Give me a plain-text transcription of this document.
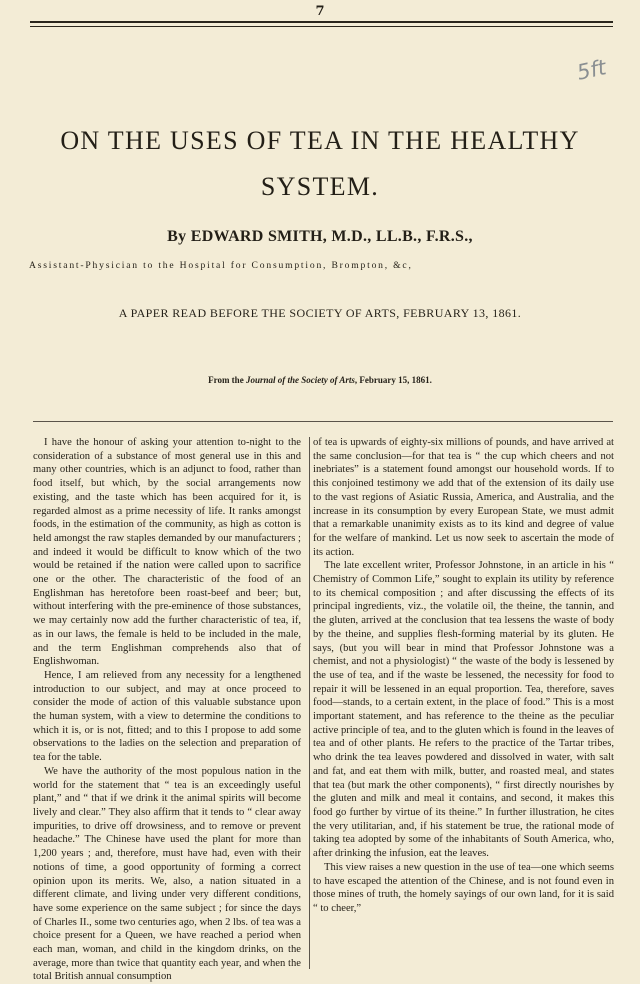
7
5ft
ON THE USES OF TEA IN THE HEALTHY SYSTEM.
By EDWARD SMITH, M.D., LL.B., F.R.S.,
Assistant-Physician to the Hospital for Consumption, Brompton, &c,
A PAPER READ BEFORE THE SOCIETY OF ARTS, FEBRUARY 13, 1861.
From the Journal of the Society of Arts, February 15, 1861.

I have the honour of asking your attention to-night to the consideration of a substance of most general use in this and many other countries, which is an adjunct to food, rather than food itself, but which, by the social arrangements now existing, and the taste which has been acquired for it, is regarded almost as a prime necessity of life. It ranks amongst foods, in the estimation of the community, as high as cotton is held amongst the raw staples demanded by our manufacturers ; and indeed it would be difficult to know which of the two would be retained if the nation were called upon to sacrifice one or the other. The characteristic of the food of an Englishman has heretofore been roast-beef and beer; but, without interfering with the pre-eminence of those substances, we may certainly now add the further characteristic of tea, if, as in our laws, the female is held to be included in the male, and the term Englishman comprehends also that of Englishwoman.

Hence, I am relieved from any necessity for a lengthened introduction to our subject, and may at once proceed to consider the mode of action of this valuable substance upon the human system, with a view to determine the conditions to which it is, or is not, fitted; and to this I propose to add some observations to the ladies on the selection and preparation of tea for the table.

We have the authority of the most populous nation in the world for the statement that “ tea is an exceedingly useful plant,” and “ that if we drink it the animal spirits will become lively and clear.” They also affirm that it tends to “ clear away impurities, to drive off drowsiness, and to remove or prevent headache.” The Chinese have used the plant for more than 1,200 years ; and, therefore, must have had, even with their notions of time, a good opportunity of forming a correct opinion upon its merits. We, also, a nation situated in a different climate, and living under very different conditions, have some experience on the same subject ; for since the days of Charles II., some two centuries ago, when 2 lbs. of tea was a choice present for a Queen, we have reached a period when each man, woman, and child in the kingdom drinks, on the average, more than twice that quantity each year, and when the total British annual consumption

of tea is upwards of eighty-six millions of pounds, and have arrived at the same conclusion—for that tea is “ the cup which cheers and not inebriates” is a statement found amongst our household words. If to this conjoined testimony we add that of the extension of its daily use to the vast regions of Asiatic Russia, America, and Australia, and the increase in its consumption by every European State, we must admit that a remarkable unanimity exists as to its kind and degree of value for the welfare of mankind. Let us now seek to ascertain the mode of its action.

The late excellent writer, Professor Johnstone, in an article in his “ Chemistry of Common Life,” sought to explain its utility by reference to its chemical composition ; and after discussing the effects of its principal ingredients, viz., the volatile oil, the theine, the tannin, and the gluten, arrived at the conclusion that tea lessens the waste of body by the theine, and supplies flesh-forming material by its gluten. He says, (but you will bear in mind that Professor Johnstone was a chemist, and not a physiologist) “ the waste of the body is lessened by the use of tea, and if the waste be lessened, the necessity for food to repair it will be lessened in an equal proportion. Tea, therefore, saves food—stands, to a certain extent, in the place of food.” This is a most important statement, and has reference to the theine as the peculiar active principle of tea, and to the gluten which is found in the leaves of tea and of other plants. He refers to the practice of the Tartar tribes, who drink the tea leaves powdered and dissolved in water, with salt and fat, and eat them with milk, butter, and roasted meal, and states that tea (but mark the other components), “ first directly nourishes by the gluten and milk and meal it contains, and second, it makes this food go further by virtue of its theine.” In further illustration, he cites the very utilitarian, and, if his statement be true, the rational mode of taking tea adopted by some of the inhabitants of South America, who, after drinking the infusion, eat the leaves.

This view raises a new question in the use of tea—one which seems to have escaped the attention of the Chinese, and is not found even in those mines of truth, the homely sayings of our own land, for it is said “ to cheer,”
